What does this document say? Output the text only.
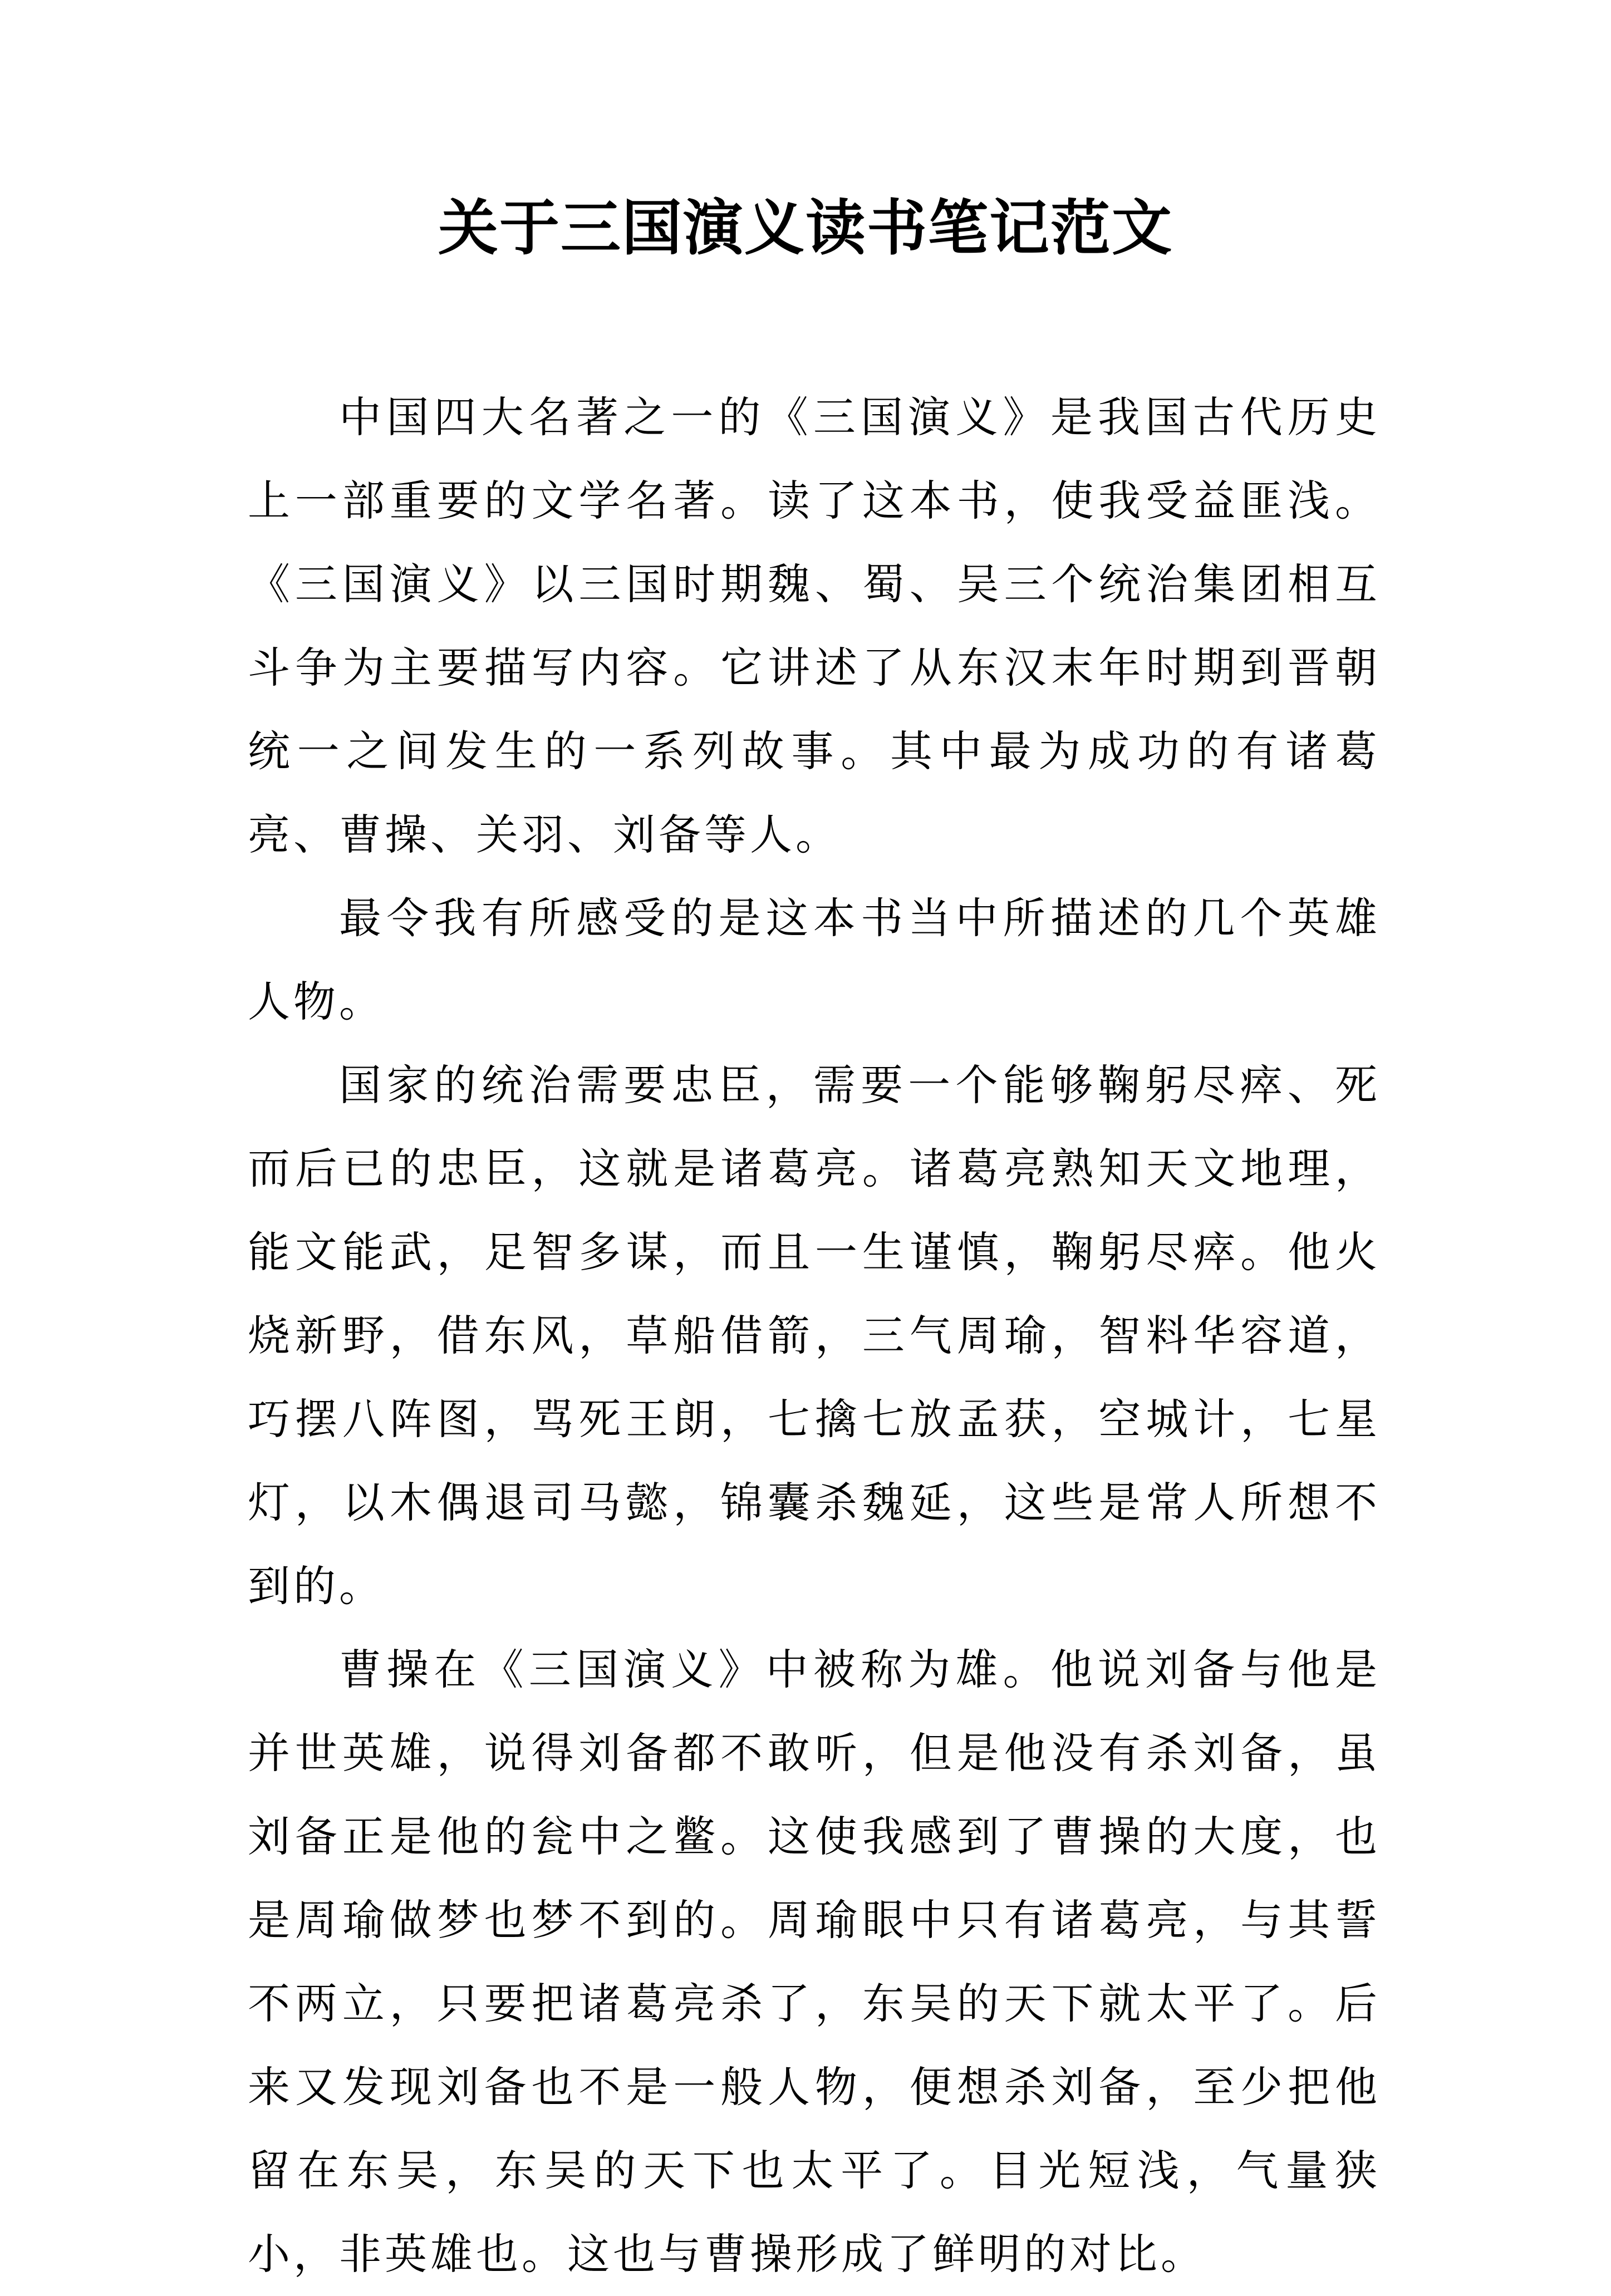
关于三国演义读书笔记范文

中国四大名著之一的《三国演义》是我国古代历史上一部重要的文学名著。读了这本书，使我受益匪浅。《三国演义》以三国时期魏、蜀、吴三个统治集团相互斗争为主要描写内容。它讲述了从东汉末年时期到晋朝统一之间发生的一系列故事。其中最为成功的有诸葛亮、曹操、关羽、刘备等人。

最令我有所感受的是这本书当中所描述的几个英雄人物。

国家的统治需要忠臣，需要一个能够鞠躬尽瘁、死而后已的忠臣，这就是诸葛亮。诸葛亮熟知天文地理，能文能武，足智多谋，而且一生谨慎，鞠躬尽瘁。他火烧新野，借东风，草船借箭，三气周瑜，智料华容道，巧摆八阵图，骂死王朗，七擒七放孟获，空城计，七星灯，以木偶退司马懿，锦囊杀魏延，这些是常人所想不到的。

曹操在《三国演义》中被称为雄。他说刘备与他是并世英雄，说得刘备都不敢听，但是他没有杀刘备，虽刘备正是他的瓮中之鳖。这使我感到了曹操的大度，也是周瑜做梦也梦不到的。周瑜眼中只有诸葛亮，与其誓不两立，只要把诸葛亮杀了，东吴的天下就太平了。后来又发现刘备也不是一般人物，便想杀刘备，至少把他留在东吴，东吴的天下也太平了。目光短浅，气量狭小，非英雄也。这也与曹操形成了鲜明的对比。
